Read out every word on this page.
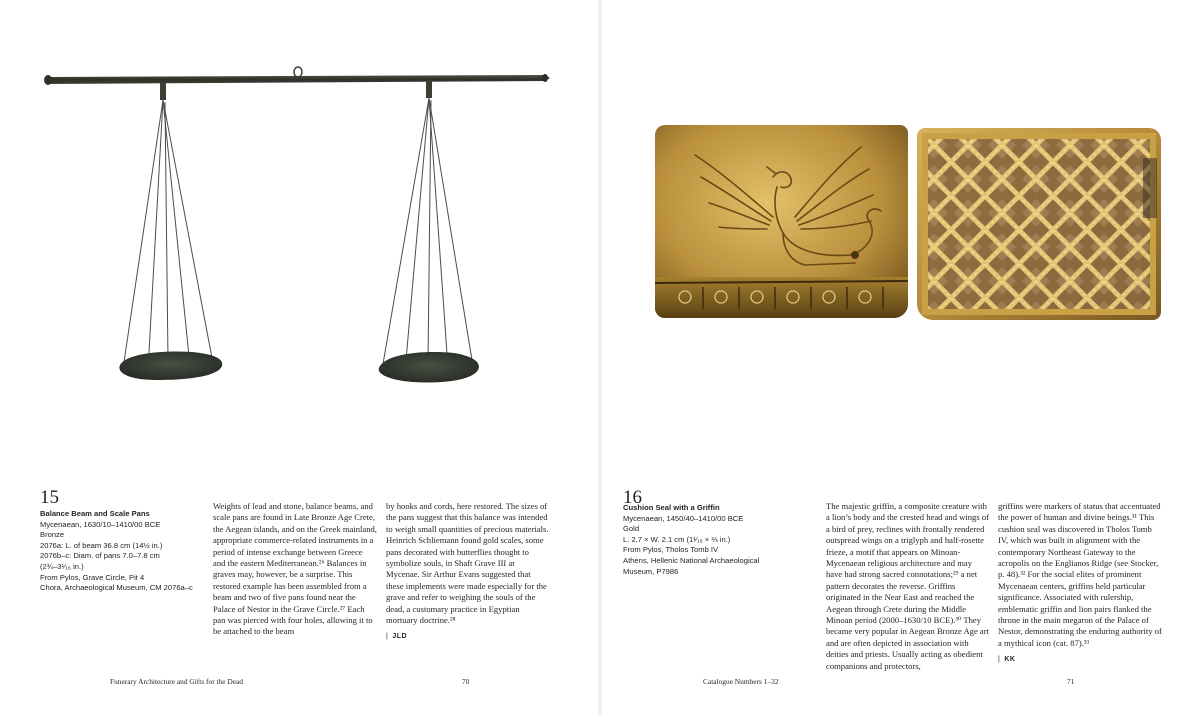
15
Balance Beam and Scale Pans
Mycenaean, 1630/10–1410/00 BCE
Bronze
2076a: L. of beam 36.8 cm (14½ in.)
2076b–c: Diam. of pans 7.0–7.8 cm
(2¾–3¹⁄₁₆ in.)
From Pylos, Grave Circle, Pit 4
Chora, Archaeological Museum, CM 2076a–c

Weights of lead and stone, balance beams, and scale pans are found in Late Bronze Age Crete, the Aegean islands, and on the Greek mainland, appropriate commerce-related instruments in a period of intense exchange between Greece and the eastern Mediterranean.²⁶ Balances in graves may, however, be a surprise. This restored example has been assembled from a beam and two of five pans found near the Palace of Nestor in the Grave Circle.²⁷ Each pan was pierced with four holes, allowing it to be attached to the beam

by hooks and cords, here restored. The sizes of the pans suggest that this balance was intended to weigh small quantities of precious materials. Heinrich Schliemann found gold scales, some pans decorated with butterflies thought to symbolize souls, in Shaft Grave III at Mycenae. Sir Arthur Evans suggested that these implements were made especially for the grave and refer to weighing the souls of the dead, a customary practice in Egyptian mortuary doctrine.²⁸

| JLD
Funerary Architecture and Gifts for the Dead	70
16
Cushion Seal with a Griffin
Mycenaean, 1450/40–1410/00 BCE
Gold
L. 2.7 × W. 2.1 cm (1¹⁄₁₆ × ⅔ in.)
From Pylos, Tholos Tomb IV
Athens, Hellenic National Archaeological
Museum, P7986

The majestic griffin, a composite creature with a lion’s body and the crested head and wings of a bird of prey, reclines with frontally rendered outspread wings on a triglyph and half-rosette frieze, a motif that appears on Minoan-Mycenaean religious architecture and may have had strong sacred connotations;²⁹ a net pattern decorates the reverse. Griffins originated in the Near East and reached the Aegean through Crete during the Middle Minoan period (2000–1630/10 BCE).³⁰ They became very popular in Aegean Bronze Age art and are often depicted in association with deities and priests. Usually acting as obedient companions and protectors,

griffins were markers of status that accentuated the power of human and divine beings.³¹ This cushion seal was discovered in Tholos Tomb IV, which was built in alignment with the contemporary Northeast Gateway to the acropolis on the Englianos Ridge (see Stocker, p. 48).³² For the social elites of prominent Mycenaean centers, griffins held particular significance. Associated with rulership, emblematic griffin and lion pairs flanked the throne in the main megaron of the Palace of Nestor, demonstrating the enduring authority of a mythical icon (cat. 87).³³

| KK
Catalogue Numbers 1–32	71
